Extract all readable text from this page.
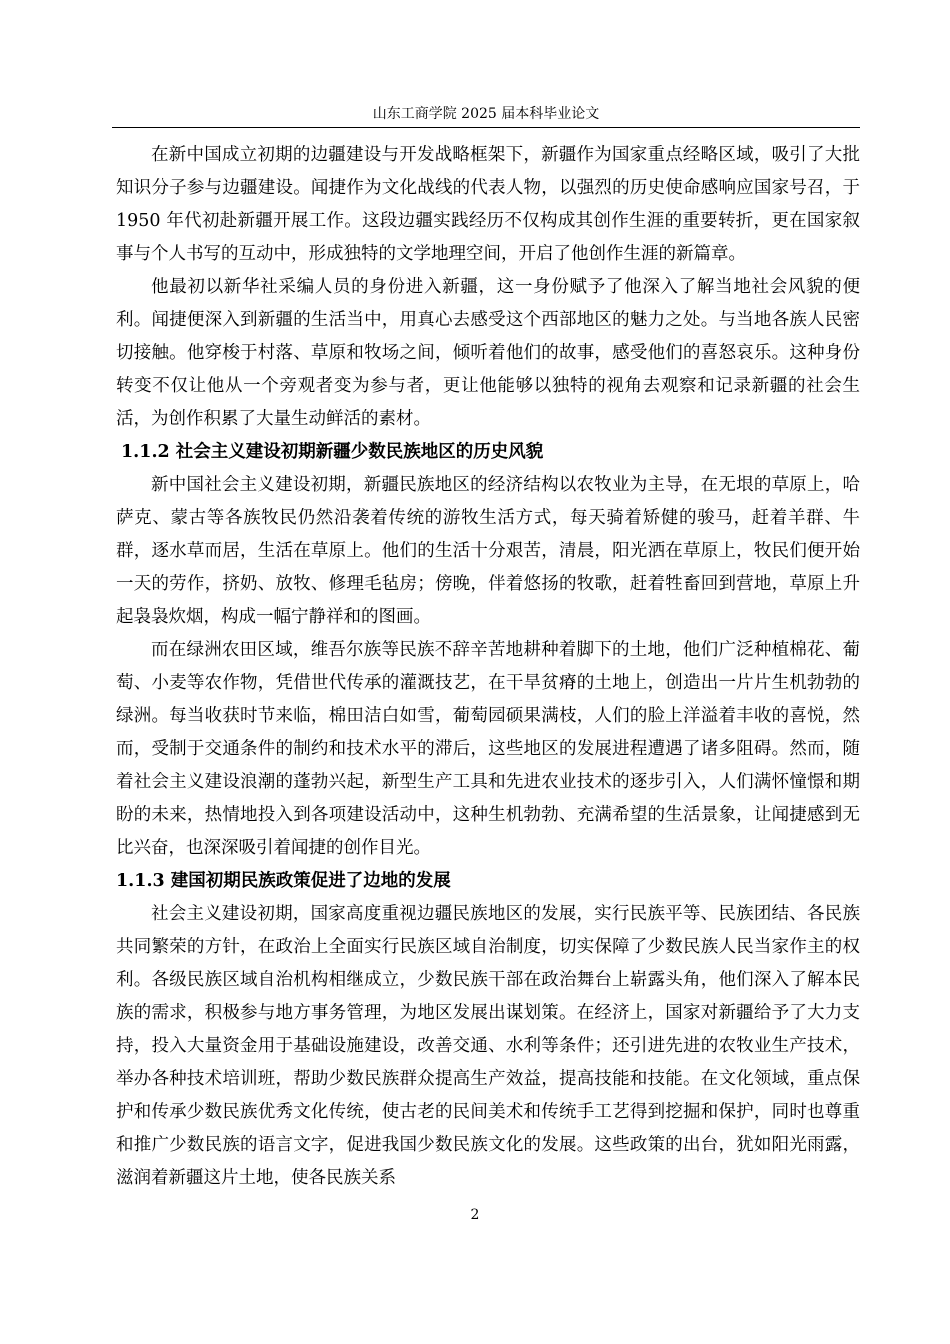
山东工商学院 2025 届本科毕业论文

在新中国成立初期的边疆建设与开发战略框架下，新疆作为国家重点经略区域，吸引了大批知识分子参与边疆建设。闻捷作为文化战线的代表人物，以强烈的历史使命感响应国家号召，于 1950 年代初赴新疆开展工作。这段边疆实践经历不仅构成其创作生涯的重要转折，更在国家叙事与个人书写的互动中，形成独特的文学地理空间，开启了他创作生涯的新篇章。

他最初以新华社采编人员的身份进入新疆，这一身份赋予了他深入了解当地社会风貌的便利。闻捷便深入到新疆的生活当中，用真心去感受这个西部地区的魅力之处。与当地各族人民密切接触。他穿梭于村落、草原和牧场之间，倾听着他们的故事，感受他们的喜怒哀乐。这种身份转变不仅让他从一个旁观者变为参与者，更让他能够以独特的视角去观察和记录新疆的社会生活，为创作积累了大量生动鲜活的素材。

1.1.2 社会主义建设初期新疆少数民族地区的历史风貌

新中国社会主义建设初期，新疆民族地区的经济结构以农牧业为主导，在无垠的草原上，哈萨克、蒙古等各族牧民仍然沿袭着传统的游牧生活方式，每天骑着矫健的骏马，赶着羊群、牛群，逐水草而居，生活在草原上。他们的生活十分艰苦，清晨，阳光洒在草原上，牧民们便开始一天的劳作，挤奶、放牧、修理毛毡房；傍晚，伴着悠扬的牧歌，赶着牲畜回到营地，草原上升起袅袅炊烟，构成一幅宁静祥和的图画。

而在绿洲农田区域，维吾尔族等民族不辞辛苦地耕种着脚下的土地，他们广泛种植棉花、葡萄、小麦等农作物，凭借世代传承的灌溉技艺，在干旱贫瘠的土地上，创造出一片片生机勃勃的绿洲。每当收获时节来临，棉田洁白如雪，葡萄园硕果满枝，人们的脸上洋溢着丰收的喜悦，然而，受制于交通条件的制约和技术水平的滞后，这些地区的发展进程遭遇了诸多阻碍。然而，随着社会主义建设浪潮的蓬勃兴起，新型生产工具和先进农业技术的逐步引入，人们满怀憧憬和期盼的未来，热情地投入到各项建设活动中，这种生机勃勃、充满希望的生活景象，让闻捷感到无比兴奋，也深深吸引着闻捷的创作目光。

1.1.3 建国初期民族政策促进了边地的发展

社会主义建设初期，国家高度重视边疆民族地区的发展，实行民族平等、民族团结、各民族共同繁荣的方针，在政治上全面实行民族区域自治制度，切实保障了少数民族人民当家作主的权利。各级民族区域自治机构相继成立，少数民族干部在政治舞台上崭露头角，他们深入了解本民族的需求，积极参与地方事务管理，为地区发展出谋划策。在经济上，国家对新疆给予了大力支持，投入大量资金用于基础设施建设，改善交通、水利等条件；还引进先进的农牧业生产技术，举办各种技术培训班，帮助少数民族群众提高生产效益，提高技能和技能。在文化领域，重点保护和传承少数民族优秀文化传统，使古老的民间美术和传统手工艺得到挖掘和保护，同时也尊重和推广少数民族的语言文字，促进我国少数民族文化的发展。这些政策的出台，犹如阳光雨露，滋润着新疆这片土地，使各民族关系

2
